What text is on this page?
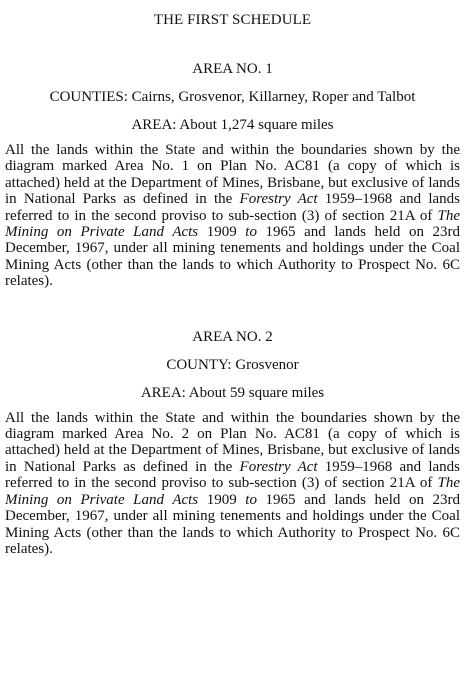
THE FIRST SCHEDULE
AREA NO. 1
COUNTIES: Cairns, Grosvenor, Killarney, Roper and Talbot
AREA: About 1,274 square miles

All the lands within the State and within the boundaries shown by the diagram marked Area No. 1 on Plan No. AC81 (a copy of which is attached) held at the Department of Mines, Brisbane, but exclusive of lands in National Parks as defined in the Forestry Act 1959–1968 and lands referred to in the second proviso to sub-section (3) of section 21A of The Mining on Private Land Acts 1909 to 1965 and lands held on 23rd December, 1967, under all mining tenements and holdings under the Coal Mining Acts (other than the lands to which Authority to Prospect No. 6C relates).

AREA NO. 2
COUNTY: Grosvenor
AREA: About 59 square miles

All the lands within the State and within the boundaries shown by the diagram marked Area No. 2 on Plan No. AC81 (a copy of which is attached) held at the Department of Mines, Brisbane, but exclusive of lands in National Parks as defined in the Forestry Act 1959–1968 and lands referred to in the second proviso to sub-section (3) of section 21A of The Mining on Private Land Acts 1909 to 1965 and lands held on 23rd December, 1967, under all mining tenements and holdings under the Coal Mining Acts (other than the lands to which Authority to Prospect No. 6C relates).
